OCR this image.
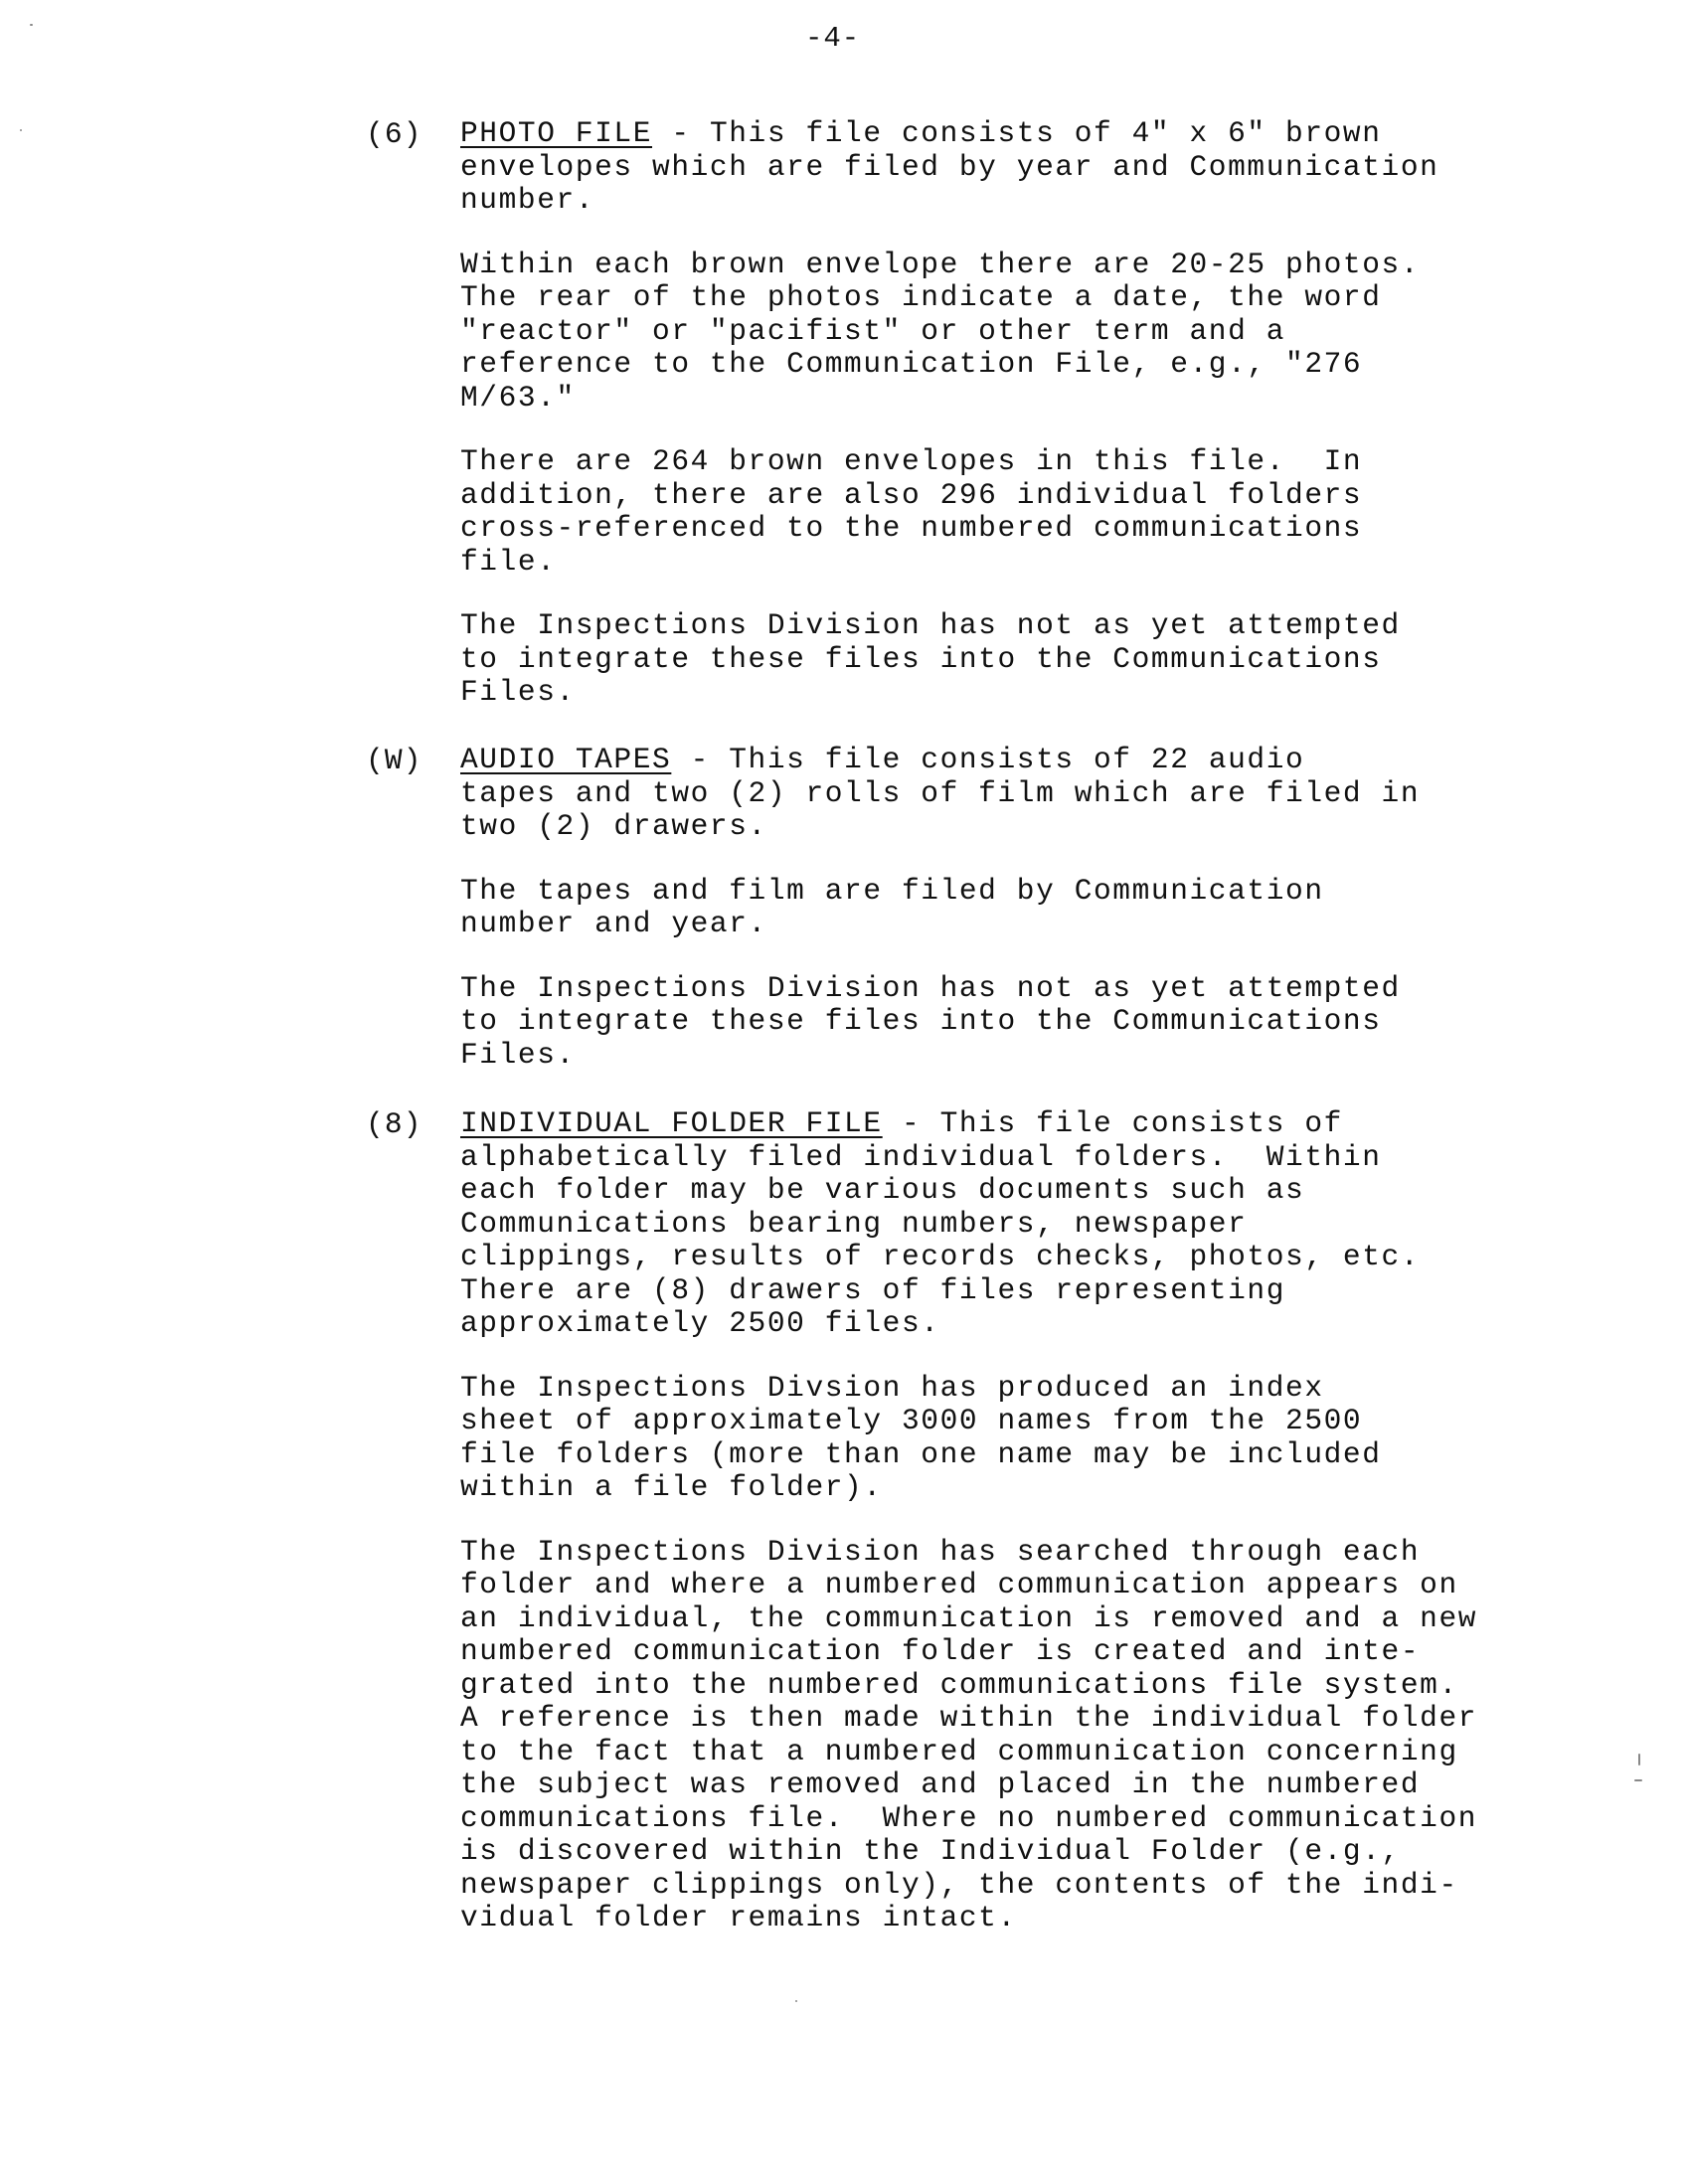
-4-
(6) PHOTO FILE - This file consists of 4" x 6" brown
envelopes which are filed by year and Communication
number.

Within each brown envelope there are 20-25 photos.
The rear of the photos indicate a date, the word
"reactor" or "pacifist" or other term and a
reference to the Communication File, e.g., "276
M/63."

There are 264 brown envelopes in this file.  In
addition, there are also 296 individual folders
cross-referenced to the numbered communications
file.

The Inspections Division has not as yet attempted
to integrate these files into the Communications
Files.

(W) AUDIO TAPES - This file consists of 22 audio
tapes and two (2) rolls of film which are filed in
two (2) drawers.

The tapes and film are filed by Communication
number and year.

The Inspections Division has not as yet attempted
to integrate these files into the Communications
Files.

(8) INDIVIDUAL FOLDER FILE - This file consists of
alphabetically filed individual folders.  Within
each folder may be various documents such as
Communications bearing numbers, newspaper
clippings, results of records checks, photos, etc.
There are (8) drawers of files representing
approximately 2500 files.

The Inspections Divsion has produced an index
sheet of approximately 3000 names from the 2500
file folders (more than one name may be included
within a file folder).

The Inspections Division has searched through each
folder and where a numbered communication appears on
an individual, the communication is removed and a new
numbered communication folder is created and inte-
grated into the numbered communications file system.
A reference is then made within the individual folder
to the fact that a numbered communication concerning
the subject was removed and placed in the numbered
communications file.  Where no numbered communication
is discovered within the Individual Folder (e.g.,
newspaper clippings only), the contents of the indi-
vidual folder remains intact.
